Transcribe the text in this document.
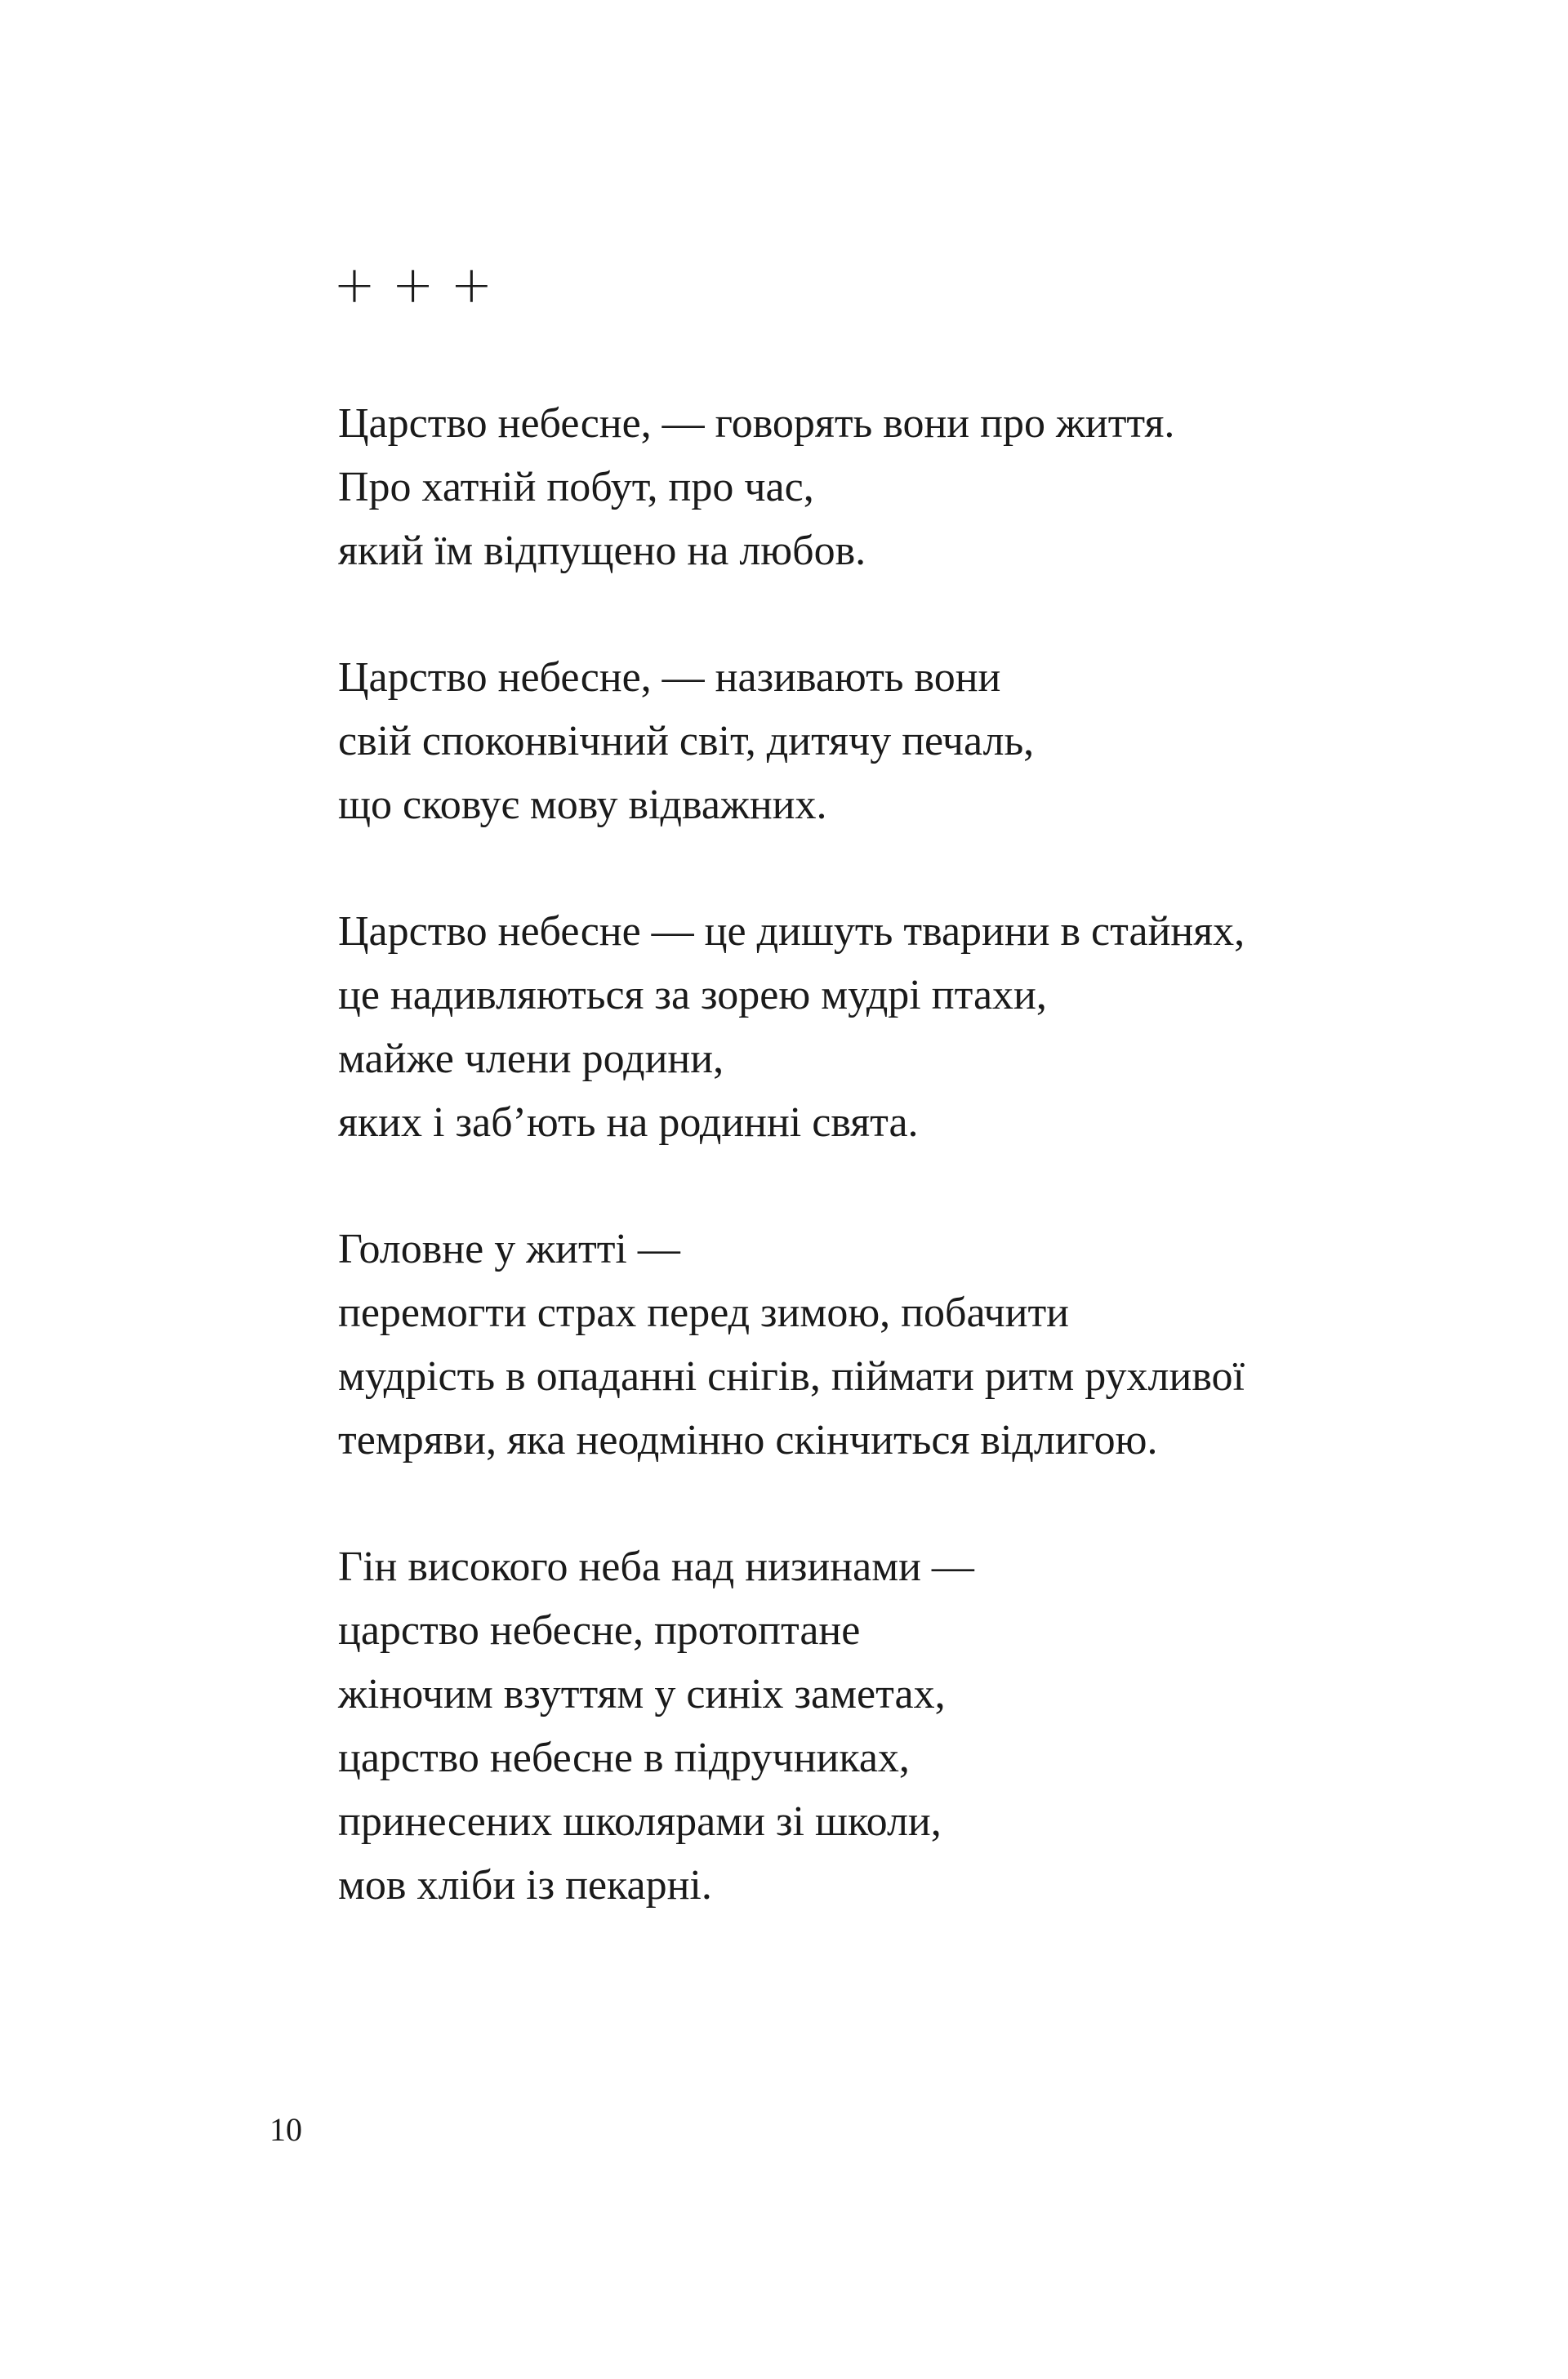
+ + +
Царство небесне, — говорять вони про життя.
Про хатній побут, про час,
який їм відпущено на любов.
Царство небесне, — називають вони
свій споконвічний світ, дитячу печаль,
що сковує мову відважних.
Царство небесне — це дишуть тварини в стайнях,
це надивляються за зорею мудрі птахи,
майже члени родини,
яких і заб’ють на родинні свята.
Головне у житті —
перемогти страх перед зимою, побачити
мудрість в опаданні снігів, піймати ритм рухливої
темряви, яка неодмінно скінчиться відлигою.
Гін високого неба над низинами —
царство небесне, протоптане
жіночим взуттям у синіх заметах,
царство небесне в підручниках,
принесених школярами зі школи,
мов хліби із пекарні.
10
